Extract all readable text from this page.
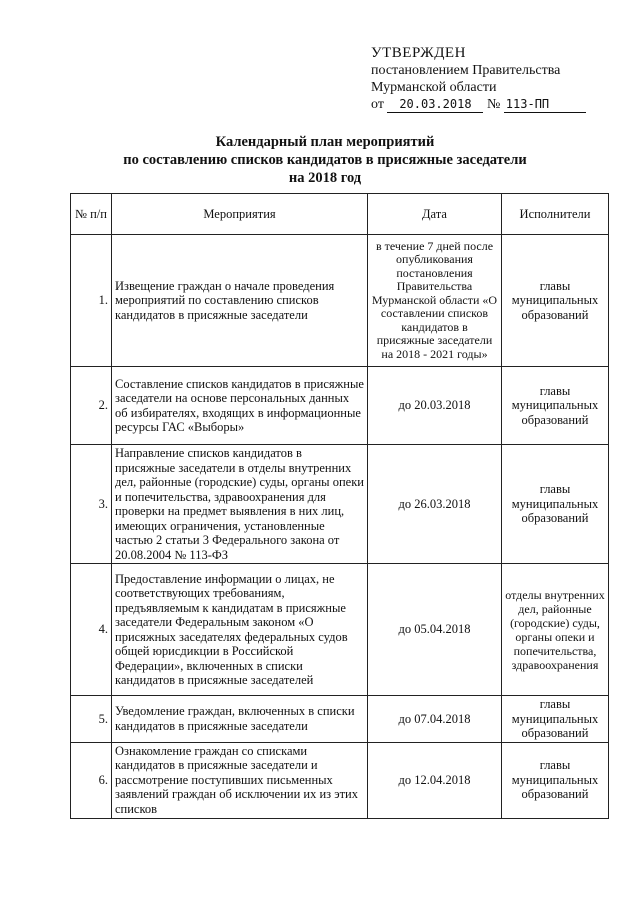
УТВЕРЖДЕН
постановлением Правительства
Мурманской области
от 20.03.2018 № 113-ПП
Календарный план мероприятий
по составлению списков кандидатов в присяжные заседатели
на 2018 год
№ п/п	Мероприятия	Дата	Исполнители
1.	Извещение граждан о начале проведения мероприятий по составлению списков кандидатов в присяжные заседатели	в течение 7 дней после опубликования постановления Правительства Мурманской области «О составлении списков кандидатов в присяжные заседатели на 2018 - 2021 годы»	главы муниципальных образований
2.	Составление списков кандидатов в присяжные заседатели на основе персональных данных об избирателях, входящих в информационные ресурсы ГАС «Выборы»	до 20.03.2018	главы муниципальных образований
3.	Направление списков кандидатов в присяжные заседатели в отделы внутренних дел, районные (городские) суды, органы опеки и попечительства, здравоохранения для проверки на предмет выявления в них лиц, имеющих ограничения, установленные частью 2 статьи 3 Федерального закона от 20.08.2004 № 113-ФЗ	до 26.03.2018	главы муниципальных образований
4.	Предоставление информации о лицах, не соответствующих требованиям, предъявляемым к кандидатам в присяжные заседатели Федеральным законом «О присяжных заседателях федеральных судов общей юрисдикции в Российской Федерации», включенных в списки кандидатов в присяжные заседателей	до 05.04.2018	отделы внутренних дел, районные (городские) суды, органы опеки и попечительства, здравоохранения
5.	Уведомление граждан, включенных в списки кандидатов в присяжные заседатели	до 07.04.2018	главы муниципальных образований
6.	Ознакомление граждан со списками кандидатов в присяжные заседатели и рассмотрение поступивших письменных заявлений граждан об исключении их из этих списков	до 12.04.2018	главы муниципальных образований
